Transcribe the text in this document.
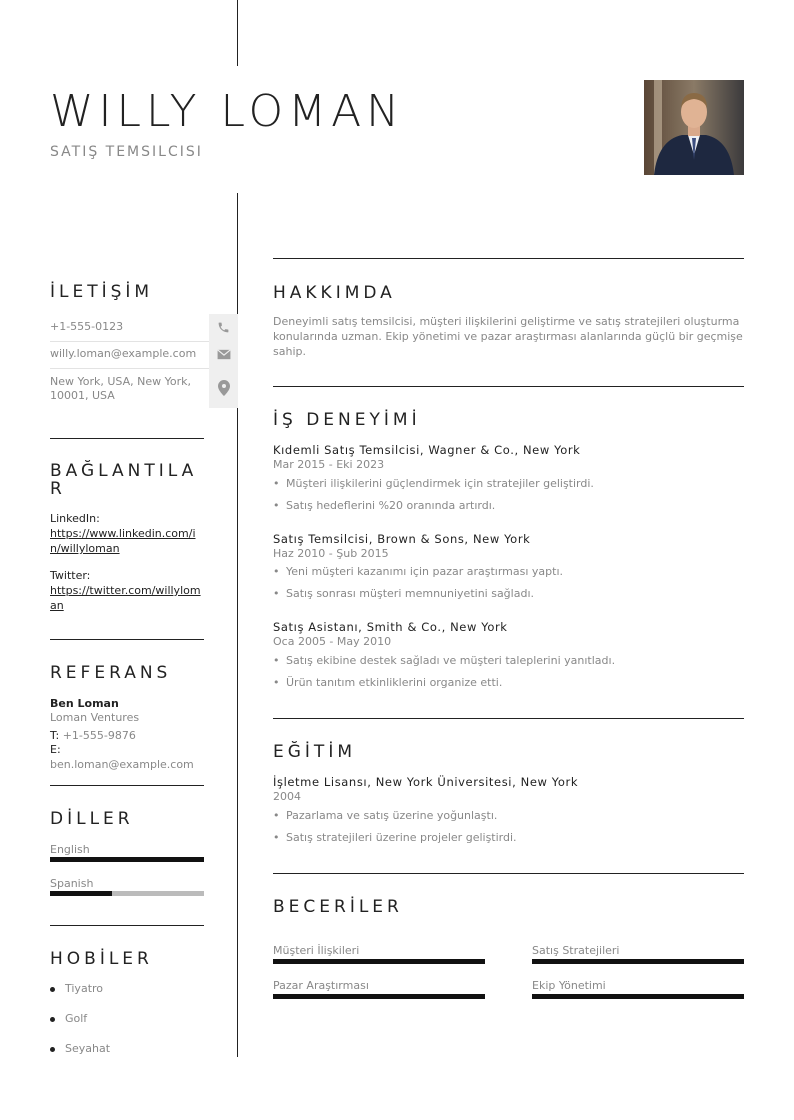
WILLY LOMAN
SATIŞ TEMSILCISI
İLETİŞİM
+1-555-0123
willy.loman@example.com
New York, USA, New York, 10001, USA
BAĞLANTILAR
LinkedIn:
https://www.linkedin.com/in/willyloman
Twitter:
https://twitter.com/willyloman
REFERANS
Ben Loman
Loman Ventures
T: +1-555-9876
E: ben.loman@example.com
DİLLER
English
Spanish
HOBİLER
Tiyatro
Golf
Seyahat
HAKKIMDA
Deneyimli satış temsilcisi, müşteri ilişkilerini geliştirme ve satış stratejileri oluşturma konularında uzman. Ekip yönetimi ve pazar araştırması alanlarında güçlü bir geçmişe sahip.
İŞ DENEYİMİ
Kıdemli Satış Temsilcisi, Wagner & Co., New York
Mar 2015 - Eki 2023
• Müşteri ilişkilerini güçlendirmek için stratejiler geliştirdi.
• Satış hedeflerini %20 oranında artırdı.
Satış Temsilcisi, Brown & Sons, New York
Haz 2010 - Şub 2015
• Yeni müşteri kazanımı için pazar araştırması yaptı.
• Satış sonrası müşteri memnuniyetini sağladı.
Satış Asistanı, Smith & Co., New York
Oca 2005 - May 2010
• Satış ekibine destek sağladı ve müşteri taleplerini yanıtladı.
• Ürün tanıtım etkinliklerini organize etti.
EĞİTİM
İşletme Lisansı, New York Üniversitesi, New York
2004
• Pazarlama ve satış üzerine yoğunlaştı.
• Satış stratejileri üzerine projeler geliştirdi.
BECERİLER
Müşteri İlişkileri	Satış Stratejileri
Pazar Araştırması	Ekip Yönetimi
